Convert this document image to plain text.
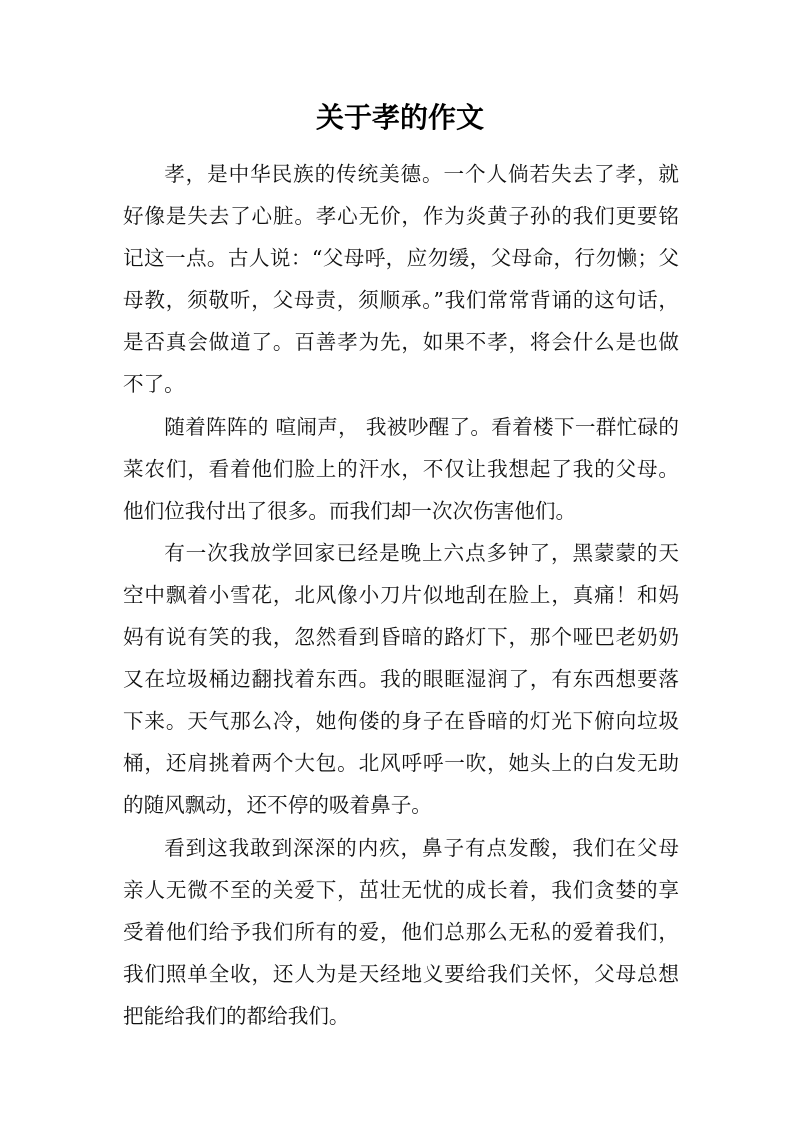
关于孝的作文

孝，是中华民族的传统美德。一个人倘若失去了孝，就好像是失去了心脏。孝心无价，作为炎黄子孙的我们更要铭记这一点。古人说：“父母呼，应勿缓，父母命，行勿懒；父母教，须敬听，父母责，须顺承。”我们常常背诵的这句话，是否真会做道了。百善孝为先，如果不孝，将会什么是也做不了。

随着阵阵的 喧闹声， 我被吵醒了。看着楼下一群忙碌的菜农们，看着他们脸上的汗水，不仅让我想起了我的父母。他们位我付出了很多。而我们却一次次伤害他们。

有一次我放学回家已经是晚上六点多钟了，黑蒙蒙的天空中飘着小雪花，北风像小刀片似地刮在脸上，真痛！和妈妈有说有笑的我，忽然看到昏暗的路灯下，那个哑巴老奶奶又在垃圾桶边翻找着东西。我的眼眶湿润了，有东西想要落下来。天气那么冷，她佝偻的身子在昏暗的灯光下俯向垃圾桶，还肩挑着两个大包。北风呼呼一吹，她头上的白发无助的随风飘动，还不停的吸着鼻子。

看到这我敢到深深的内疚，鼻子有点发酸，我们在父母亲人无微不至的关爱下，茁壮无忧的成长着，我们贪婪的享受着他们给予我们所有的爱，他们总那么无私的爱着我们，我们照单全收，还人为是天经地义要给我们关怀，父母总想把能给我们的都给我们。
